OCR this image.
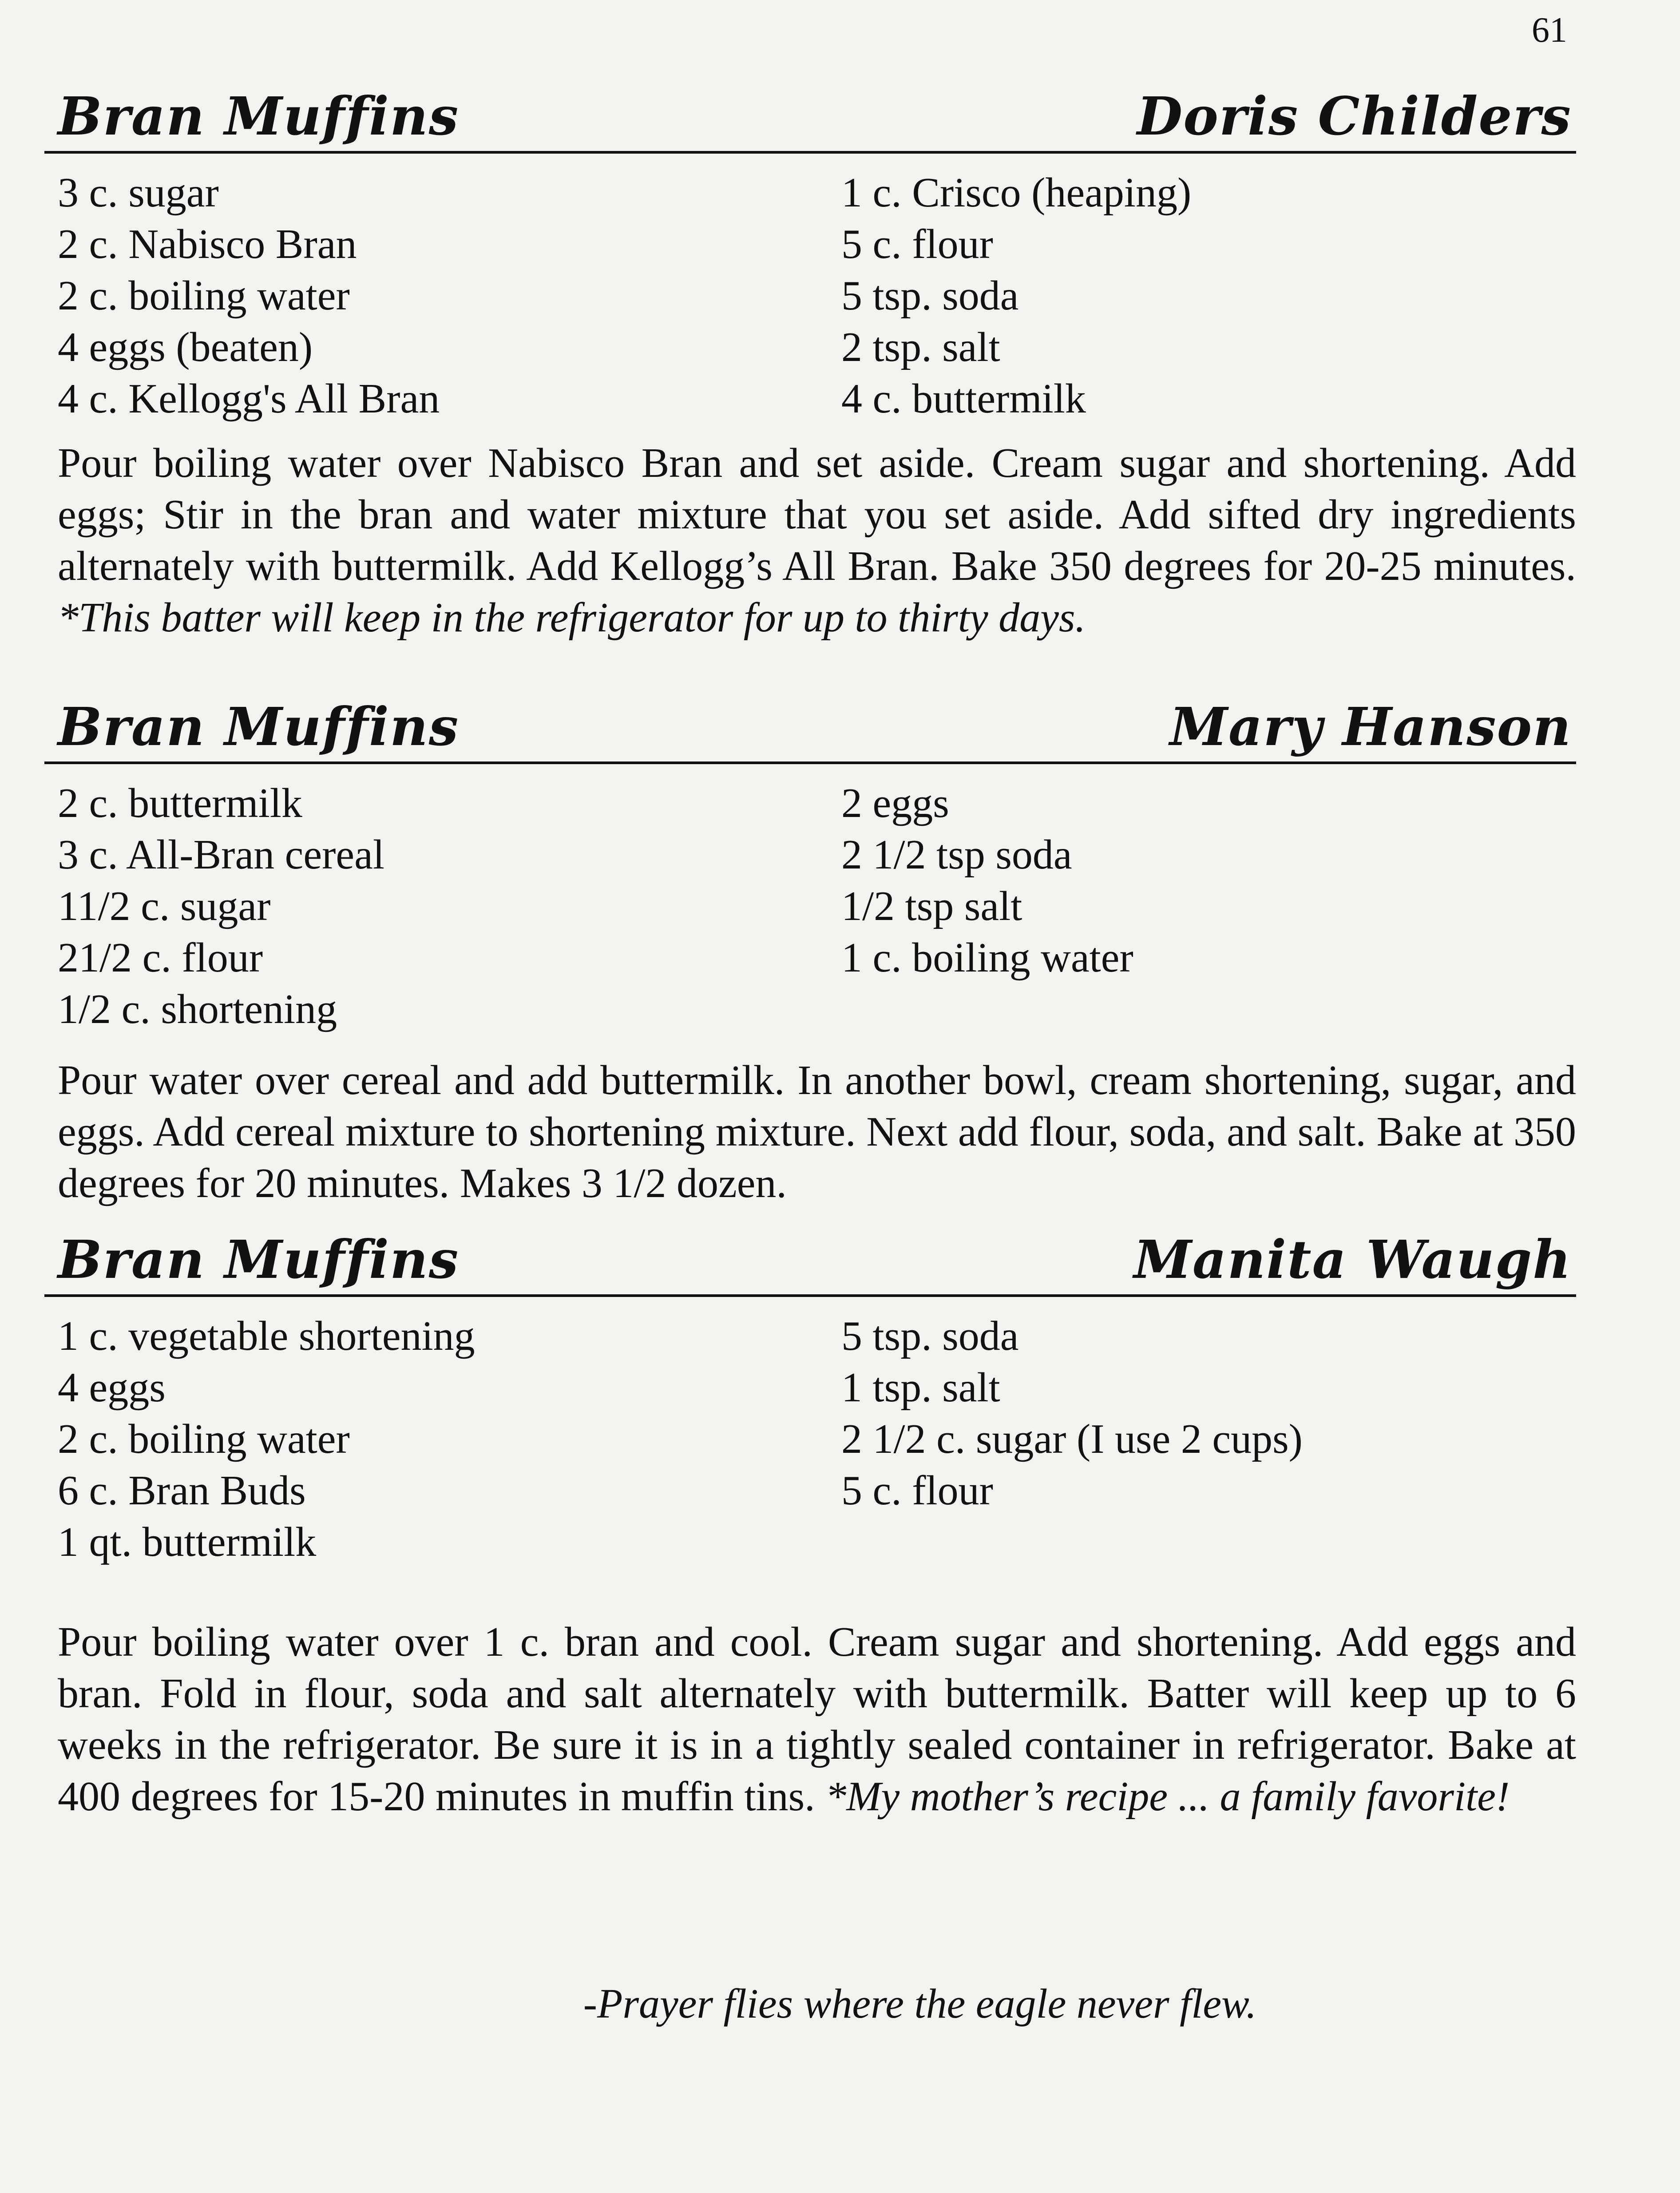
61
Bran Muffins	Doris Childers
3 c. sugar
2 c. Nabisco Bran
2 c. boiling water
4 eggs (beaten)
4 c. Kellogg's All Bran
1 c. Crisco (heaping)
5 c. flour
5 tsp. soda
2 tsp. salt
4 c. buttermilk

Pour boiling water over Nabisco Bran and set aside. Cream sugar and shortening. Add eggs; Stir in the bran and water mixture that you set aside. Add sifted dry ingredients alternately with buttermilk. Add Kellogg’s All Bran. Bake 350 degrees for 20-25 minutes. *This batter will keep in the refrigerator for up to thirty days.

Bran Muffins	Mary Hanson
2 c. buttermilk
3 c. All-Bran cereal
11/2 c. sugar
21/2 c. flour
1/2 c. shortening
2 eggs
2 1/2 tsp soda
1/2 tsp salt
1 c. boiling water

Pour water over cereal and add buttermilk. In another bowl, cream shortening, sugar, and eggs. Add cereal mixture to shortening mixture. Next add flour, soda, and salt. Bake at 350 degrees for 20 minutes. Makes 3 1/2 dozen.

Bran Muffins	Manita Waugh
1 c. vegetable shortening
4 eggs
2 c. boiling water
6 c. Bran Buds
1 qt. buttermilk
5 tsp. soda
1 tsp. salt
2 1/2 c. sugar (I use 2 cups)
5 c. flour

Pour boiling water over 1 c. bran and cool. Cream sugar and shortening. Add eggs and bran. Fold in flour, soda and salt alternately with buttermilk. Batter will keep up to 6 weeks in the refrigerator. Be sure it is in a tightly sealed container in refrigerator. Bake at 400 degrees for 15-20 minutes in muffin tins. *My mother’s recipe ... a family favorite!

-Prayer flies where the eagle never flew.
